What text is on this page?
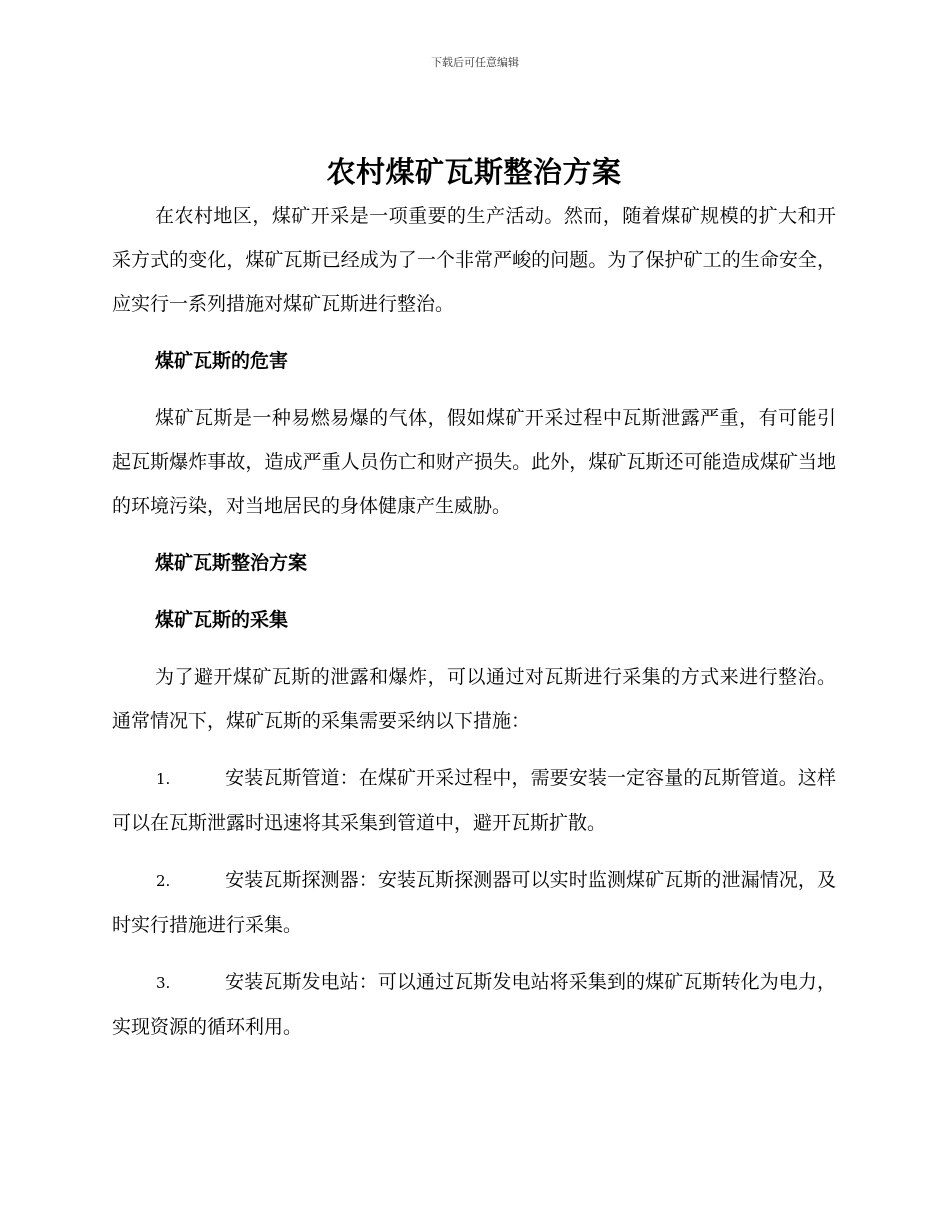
下载后可任意编辑
农村煤矿瓦斯整治方案

在农村地区，煤矿开采是一项重要的生产活动。然而，随着煤矿规模的扩大和开采方式的变化，煤矿瓦斯已经成为了一个非常严峻的问题。为了保护矿工的生命安全，应实行一系列措施对煤矿瓦斯进行整治。

煤矿瓦斯的危害

煤矿瓦斯是一种易燃易爆的气体，假如煤矿开采过程中瓦斯泄露严重，有可能引起瓦斯爆炸事故，造成严重人员伤亡和财产损失。此外，煤矿瓦斯还可能造成煤矿当地的环境污染，对当地居民的身体健康产生威胁。

煤矿瓦斯整治方案

煤矿瓦斯的采集

为了避开煤矿瓦斯的泄露和爆炸，可以通过对瓦斯进行采集的方式来进行整治。通常情况下，煤矿瓦斯的采集需要采纳以下措施：

1.	安装瓦斯管道：在煤矿开采过程中，需要安装一定容量的瓦斯管道。这样可以在瓦斯泄露时迅速将其采集到管道中，避开瓦斯扩散。

2.	安装瓦斯探测器：安装瓦斯探测器可以实时监测煤矿瓦斯的泄漏情况，及时实行措施进行采集。

3.	安装瓦斯发电站：可以通过瓦斯发电站将采集到的煤矿瓦斯转化为电力，实现资源的循环利用。
